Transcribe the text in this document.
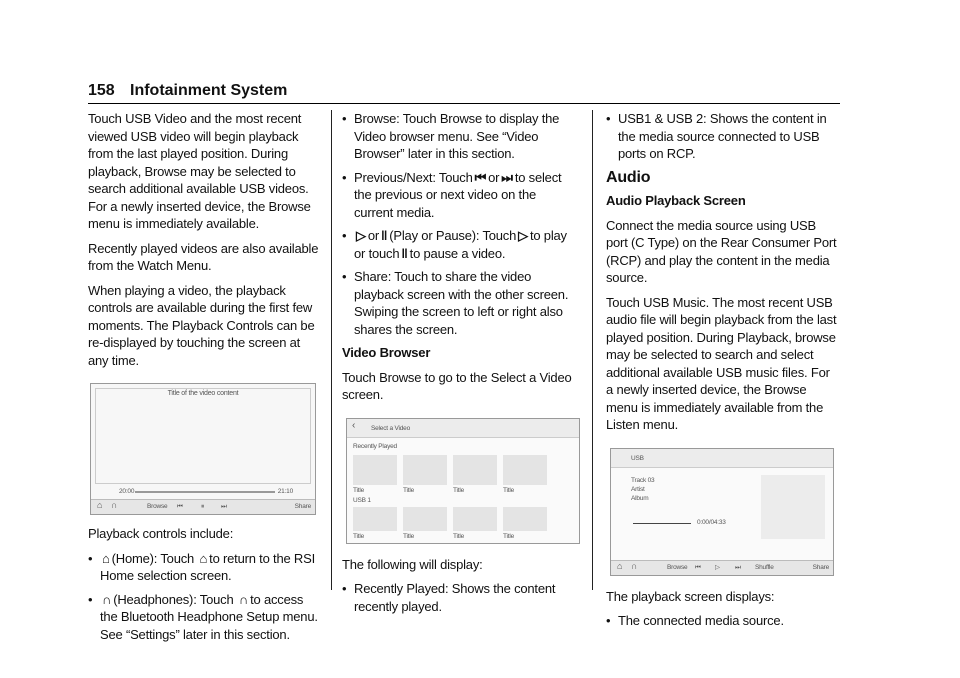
158 Infotainment System

Touch USB Video and the most recent viewed USB video will begin playback from the last played position. During playback, Browse may be selected to search additional available USB videos. For a newly inserted device, the Browse menu is immediately available.

Recently played videos are also available from the Watch Menu.

When playing a video, the playback controls are available during the first few moments. The Playback Controls can be re-displayed by touching the screen at any time.

Title of the video content
20:00	21:10
⌂ ∩	Browse ⏮	⏸	⏭	Share

Playback controls include:

• ⌂ (Home): Touch ⌂ to return to the RSI Home selection screen.
• ∩ (Headphones): Touch ∩ to access the Bluetooth Headphone Setup menu. See “Settings” later in this section.
• Browse: Touch Browse to display the Video browser menu. See “Video Browser” later in this section.
• Previous/Next: Touch ⏮ or ⏭ to select the previous or next video on the current media.
• ▷ or ǁ (Play or Pause): Touch ▷ to play or touch ǁ to pause a video.
• Share: Touch to share the video playback screen with the other screen. Swiping the screen to left or right also shares the screen.

Video Browser

Touch Browse to go to the Select a Video screen.

‹ Select a Video
Recently Played
Title	Title	Title	Title
USB 1
Title	Title	Title	Title

The following will display:

• Recently Played: Shows the content recently played.
• USB1 & USB 2: Shows the content in the media source connected to USB ports on RCP.
Audio

Audio Playback Screen

Connect the media source using USB port (C Type) on the Rear Consumer Port (RCP) and play the content in the media source.

Touch USB Music. The most recent USB audio file will begin playback from the last played position. During Playback, browse may be selected to search and select additional available USB music files. For a newly inserted device, the Browse menu is immediately available from the Listen menu.

USB
Track 03
Artist
Album
0:00/04:33
⌂ ∩	Browse ⏮ ▷ ⏭ Shuffle	Share

The playback screen displays:

• The connected media source.
